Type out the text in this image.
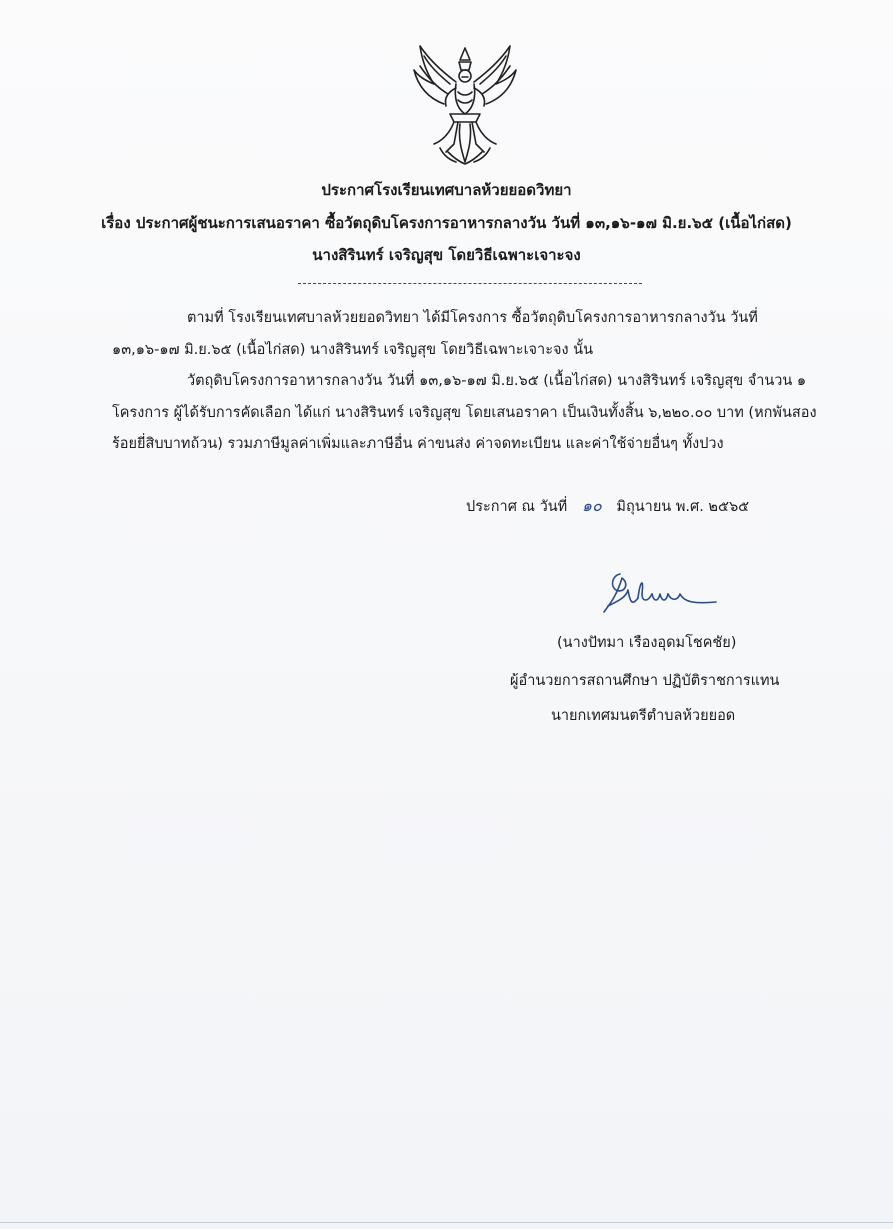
ประกาศโรงเรียนเทศบาลห้วยยอดวิทยา
เรื่อง ประกาศผู้ชนะการเสนอราคา ซื้อวัตถุดิบโครงการอาหารกลางวัน วันที่ ๑๓,๑๖-๑๗ มิ.ย.๖๕ (เนื้อไก่สด)
นางสิรินทร์ เจริญสุข โดยวิธีเฉพาะเจาะจง
ตามที่ โรงเรียนเทศบาลห้วยยอดวิทยา ได้มีโครงการ ซื้อวัตถุดิบโครงการอาหารกลางวัน วันที่
๑๓,๑๖-๑๗ มิ.ย.๖๕ (เนื้อไก่สด) นางสิรินทร์ เจริญสุข โดยวิธีเฉพาะเจาะจง นั้น
วัตถุดิบโครงการอาหารกลางวัน วันที่ ๑๓,๑๖-๑๗ มิ.ย.๖๕ (เนื้อไก่สด) นางสิรินทร์ เจริญสุข จำนวน ๑
โครงการ ผู้ได้รับการคัดเลือก ได้แก่ นางสิรินทร์ เจริญสุข โดยเสนอราคา เป็นเงินทั้งสิ้น ๖,๒๒๐.๐๐ บาท (หกพันสอง
ร้อยยี่สิบบาทถ้วน) รวมภาษีมูลค่าเพิ่มและภาษีอื่น ค่าขนส่ง ค่าจดทะเบียน และค่าใช้จ่ายอื่นๆ ทั้งปวง
ประกาศ ณ วันที่ ๑๐ มิถุนายน พ.ศ. ๒๕๖๕
(นางปัทมา เรืองอุดมโชคชัย)
ผู้อำนวยการสถานศึกษา ปฏิบัติราชการแทน
นายกเทศมนตรีตำบลห้วยยอด
